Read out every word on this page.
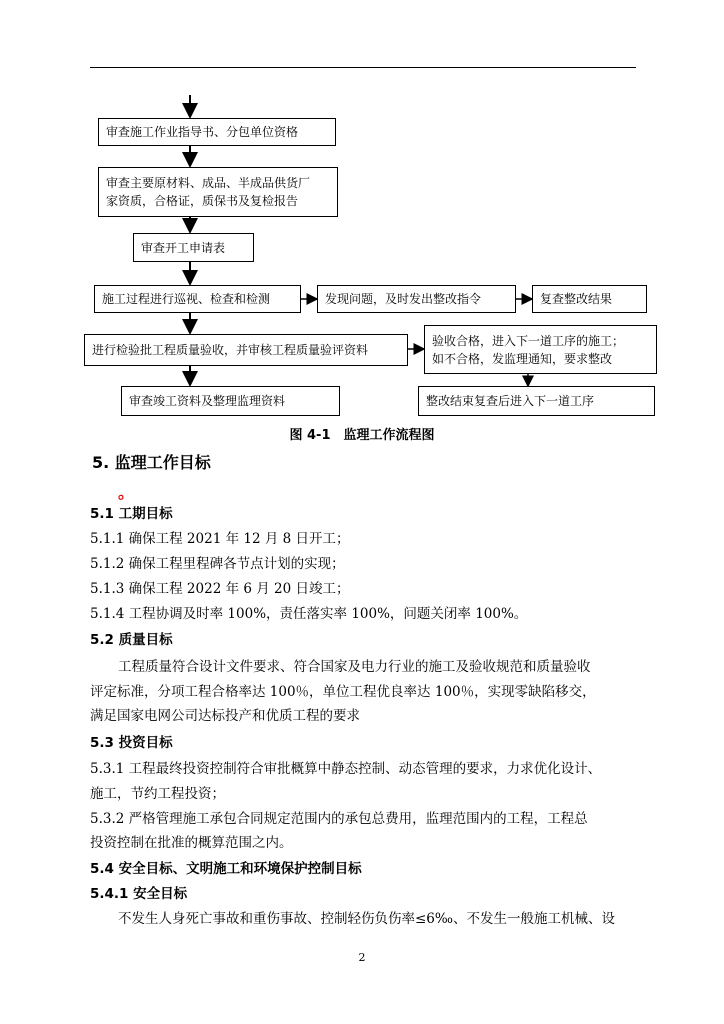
审查施工作业指导书、分包单位资格
审查主要原材料、成品、半成品供货厂
家资质，合格证，质保书及复检报告
审查开工申请表
施工过程进行巡视、检查和检测	发现问题，及时发出整改指令	复查整改结果
进行检验批工程质量验收，并审核工程质量验评资料
验收合格，进入下一道工序的施工；
如不合格，发监理通知，要求整改
审查竣工资料及整理监理资料	整改结束复查后进入下一道工序
图 4-1　监理工作流程图
5. 监理工作目标
。
5.1 工期目标
5.1.1 确保工程 2021 年 12 月 8 日开工；
5.1.2 确保工程里程碑各节点计划的实现；
5.1.3 确保工程 2022 年 6 月 20 日竣工；
5.1.4 工程协调及时率 100%，责任落实率 100%，问题关闭率 100%。
5.2 质量目标
工程质量符合设计文件要求、符合国家及电力行业的施工及验收规范和质量验收
评定标准，分项工程合格率达 100％，单位工程优良率达 100％，实现零缺陷移交，
满足国家电网公司达标投产和优质工程的要求
5.3 投资目标
5.3.1 工程最终投资控制符合审批概算中静态控制、动态管理的要求，力求优化设计、
施工，节约工程投资；
5.3.2 严格管理施工承包合同规定范围内的承包总费用，监理范围内的工程，工程总
投资控制在批准的概算范围之内。
5.4 安全目标、文明施工和环境保护控制目标
5.4.1 安全目标
不发生人身死亡事故和重伤事故、控制轻伤负伤率≤6‰、不发生一般施工机械、设
2
